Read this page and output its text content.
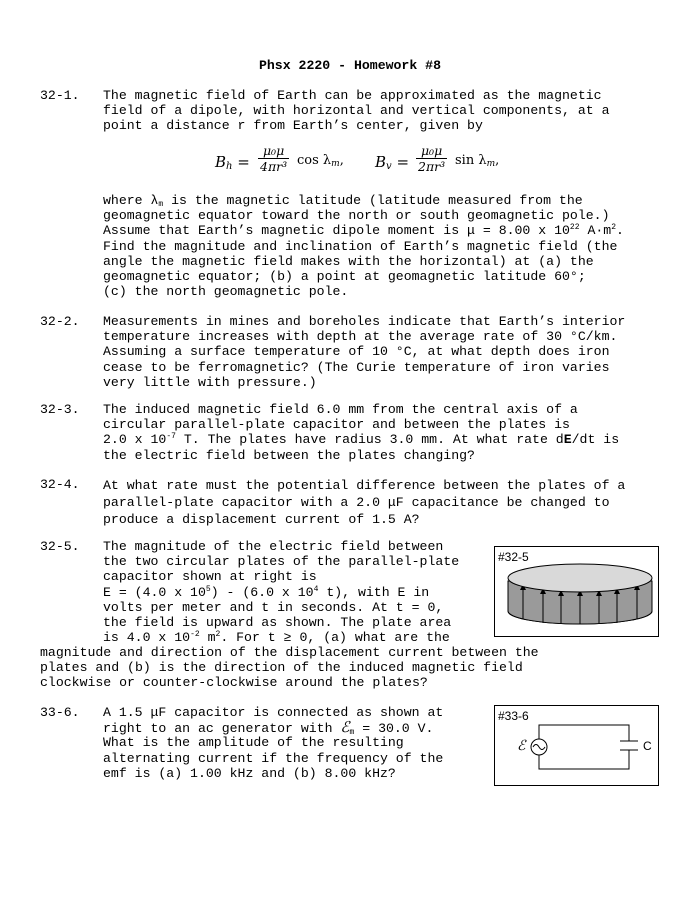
Phsx 2220 - Homework #8
32-1.	The magnetic field of Earth can be approximated as the magnetic
field of a dipole, with horizontal and vertical components, at a
point a distance r from Earth’s center, given by
$B_h = \frac{\text{μ₀μ}}{\text{4πr³}}$ $\cos \lambda_m$, $B_v = \frac{\text{μ₀μ}}{\text{2πr³}}$ $\sin \lambda_m$,
where $\lambda_m$ is the magnetic latitude (latitude measured from the
geomagnetic equator toward the north or south geomagnetic pole.)
Assume that Earth’s magnetic dipole moment is μ = 8.00 x $10^{22}$ $A\cdot m^2$.
Find the magnitude and inclination of Earth’s magnetic field (the
angle the magnetic field makes with the horizontal) at (a) the
geomagnetic equator; (b) a point at geomagnetic latitude 60°;
(c) the north geomagnetic pole.
32-2.	Measurements in mines and boreholes indicate that Earth’s interior
temperature increases with depth at the average rate of 30 °C/km.
Assuming a surface temperature of 10 °C, at what depth does iron
cease to be ferromagnetic? (The Curie temperature of iron varies
very little with pressure.)
32-3.	The induced magnetic field 6.0 mm from the central axis of a
circular parallel-plate capacitor and between the plates is
2.0 x $10^{-7}$ T. The plates have radius 3.0 mm. At what rate dE/dt is
the electric field between the plates changing?
32-4.	At what rate must the potential difference between the plates of a
parallel-plate capacitor with a 2.0 μF capacitance be changed to
produce a displacement current of 1.5 A?
32-5.	The magnitude of the electric field between
the two circular plates of the parallel-plate
capacitor shown at right is
E = (4.0 x $10^5) - (6.0$ x $10^4$ t), with E in
volts per meter and t in seconds. At t = 0,
the field is upward as shown. The plate area
is 4.0 x $10^{-2}$ $m^2$. For t ≥ 0, (a) what are the
magnitude and direction of the displacement current between the
plates and (b) is the direction of the induced magnetic field
clockwise or counter-clockwise around the plates?
#32-5
33-6.	A 1.5 μF capacitor is connected as shown at
right to an ac generator with ℰ$_m$ = 30.0 V.
What is the amplitude of the resulting
alternating current if the frequency of the
emf is (a) 1.00 kHz and (b) 8.00 kHz?
#33-6
ℰ	C
